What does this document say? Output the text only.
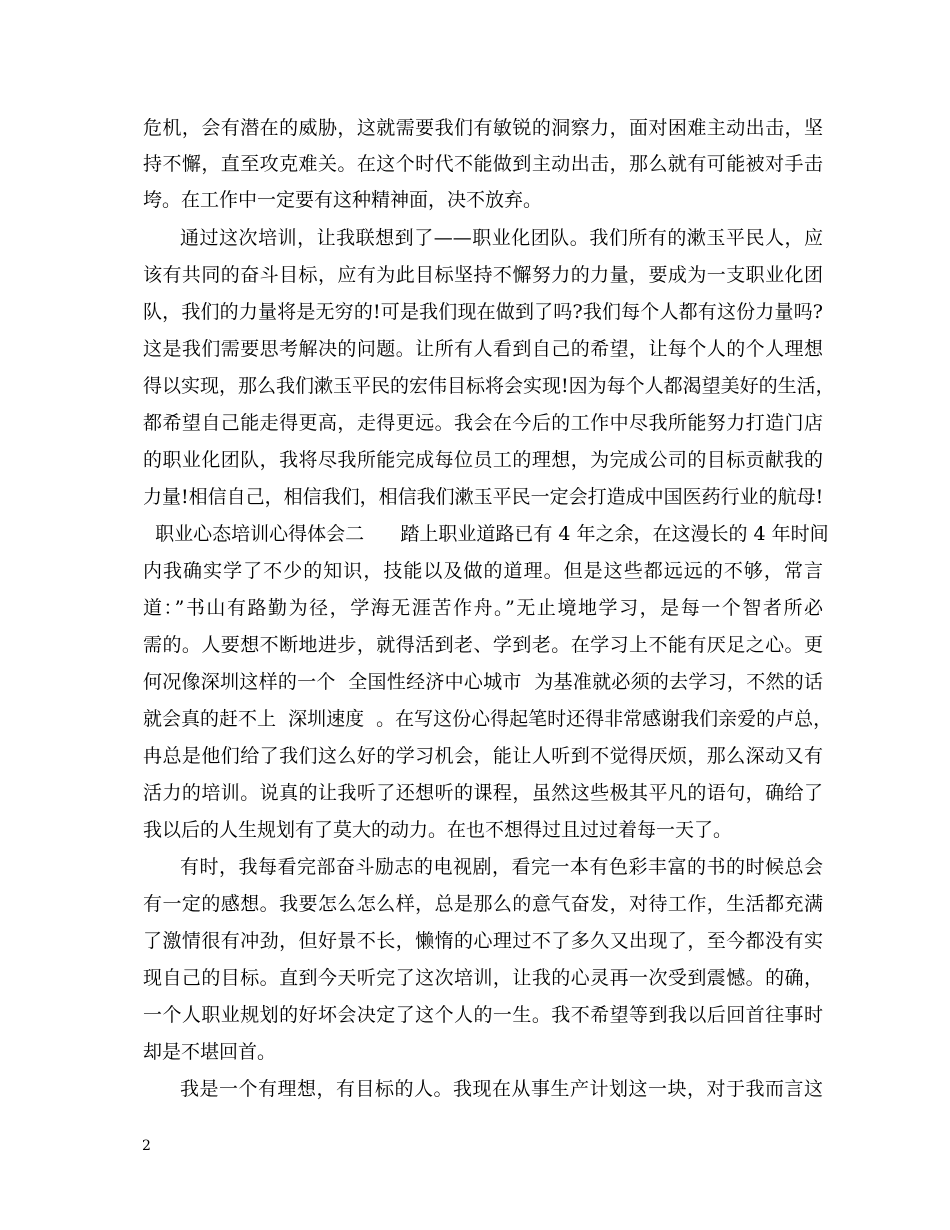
危机，会有潜在的威胁，这就需要我们有敏锐的洞察力，面对困难主动出击，坚
持不懈，直至攻克难关。在这个时代不能做到主动出击，那么就有可能被对手击
垮。在工作中一定要有这种精神面，决不放弃。
通过这次培训，让我联想到了——职业化团队。我们所有的漱玉平民人，应
该有共同的奋斗目标，应有为此目标坚持不懈努力的力量，要成为一支职业化团
队，我们的力量将是无穷的!可是我们现在做到了吗?我们每个人都有这份力量吗?
这是我们需要思考解决的问题。让所有人看到自己的希望，让每个人的个人理想
得以实现，那么我们漱玉平民的宏伟目标将会实现!因为每个人都渴望美好的生活，
都希望自己能走得更高，走得更远。我会在今后的工作中尽我所能努力打造门店
的职业化团队，我将尽我所能完成每位员工的理想，为完成公司的目标贡献我的
力量!相信自己，相信我们，相信我们漱玉平民一定会打造成中国医药行业的航母!
职业心态培训心得体会二      踏上职业道路已有 4 年之余，在这漫长的 4 年时间
内我确实学了不少的知识，技能以及做的道理。但是这些都远远的不够，常言
道：”书山有路勤为径，学海无涯苦作舟。”无止境地学习，是每一个智者所必
需的。人要想不断地进步，就得活到老、学到老。在学习上不能有厌足之心。更
何况像深圳这样的一个  全国性经济中心城市  为基准就必须的去学习，不然的话
就会真的赶不上  深圳速度  。在写这份心得起笔时还得非常感谢我们亲爱的卢总，
冉总是他们给了我们这么好的学习机会，能让人听到不觉得厌烦，那么深动又有
活力的培训。说真的让我听了还想听的课程，虽然这些极其平凡的语句，确给了
我以后的人生规划有了莫大的动力。在也不想得过且过过着每一天了。
有时，我每看完部奋斗励志的电视剧，看完一本有色彩丰富的书的时候总会
有一定的感想。我要怎么怎么样，总是那么的意气奋发，对待工作，生活都充满
了激情很有冲劲，但好景不长，懒惰的心理过不了多久又出现了，至今都没有实
现自己的目标。直到今天听完了这次培训，让我的心灵再一次受到震憾。的确，
一个人职业规划的好坏会决定了这个人的一生。我不希望等到我以后回首往事时
却是不堪回首。
我是一个有理想，有目标的人。我现在从事生产计划这一块，对于我而言这
2
